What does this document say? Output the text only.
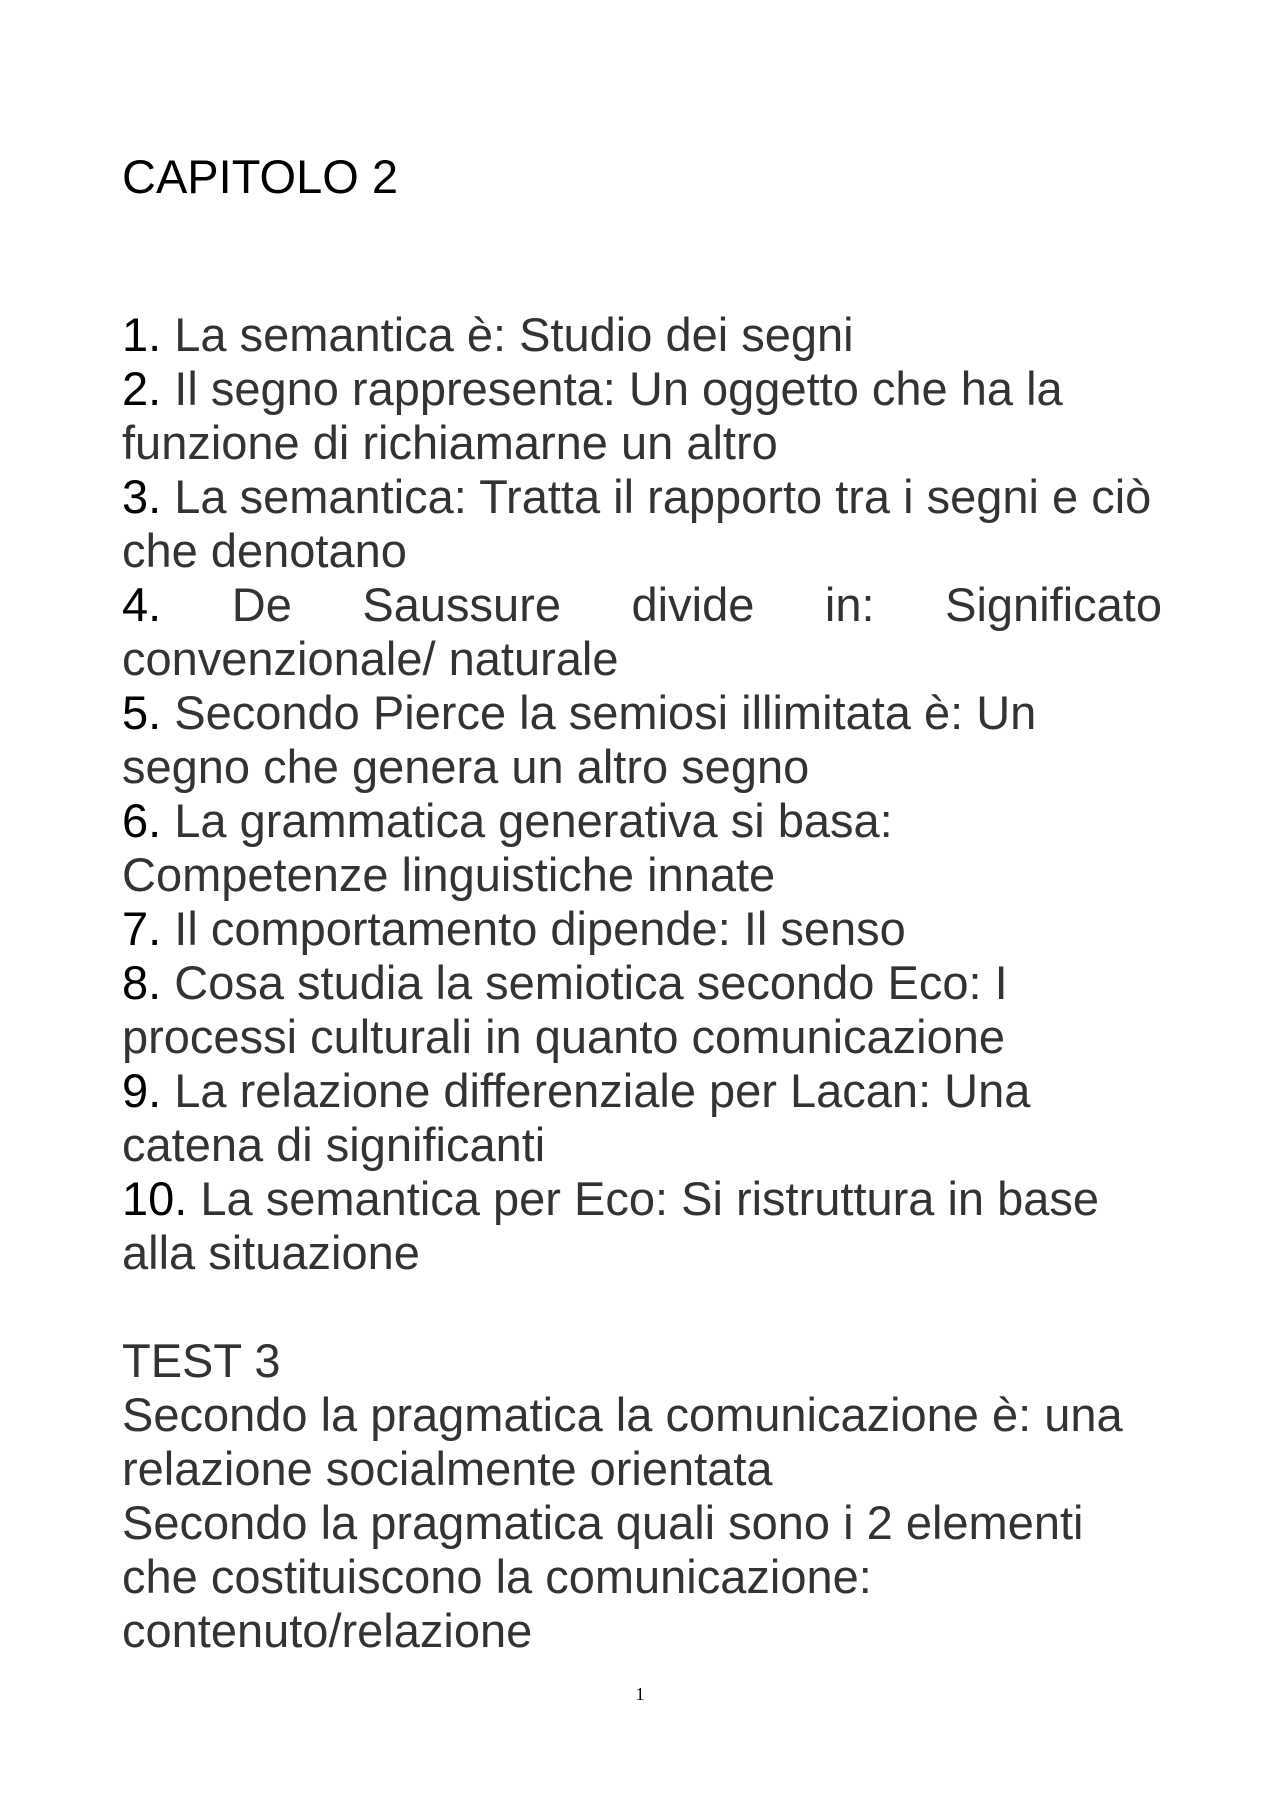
CAPITOLO 2
1. La semantica è: Studio dei segni
2. Il segno rappresenta: Un oggetto che ha la funzione di richiamarne un altro
3. La semantica: Tratta il rapporto tra i segni e ciò che denotano
4. De Saussure divide in: Significato
convenzionale/ naturale
5. Secondo Pierce la semiosi illimitata è: Un segno che genera un altro segno
6. La grammatica generativa si basa: Competenze linguistiche innate
7. Il comportamento dipende: Il senso
8. Cosa studia la semiotica secondo Eco: I processi culturali in quanto comunicazione
9. La relazione differenziale per Lacan: Una catena di significanti
10. La semantica per Eco: Si ristruttura in base alla situazione
TEST 3

Secondo la pragmatica la comunicazione è: una relazione socialmente orientata

Secondo la pragmatica quali sono i 2 elementi che costituiscono la comunicazione: contenuto/relazione

1
